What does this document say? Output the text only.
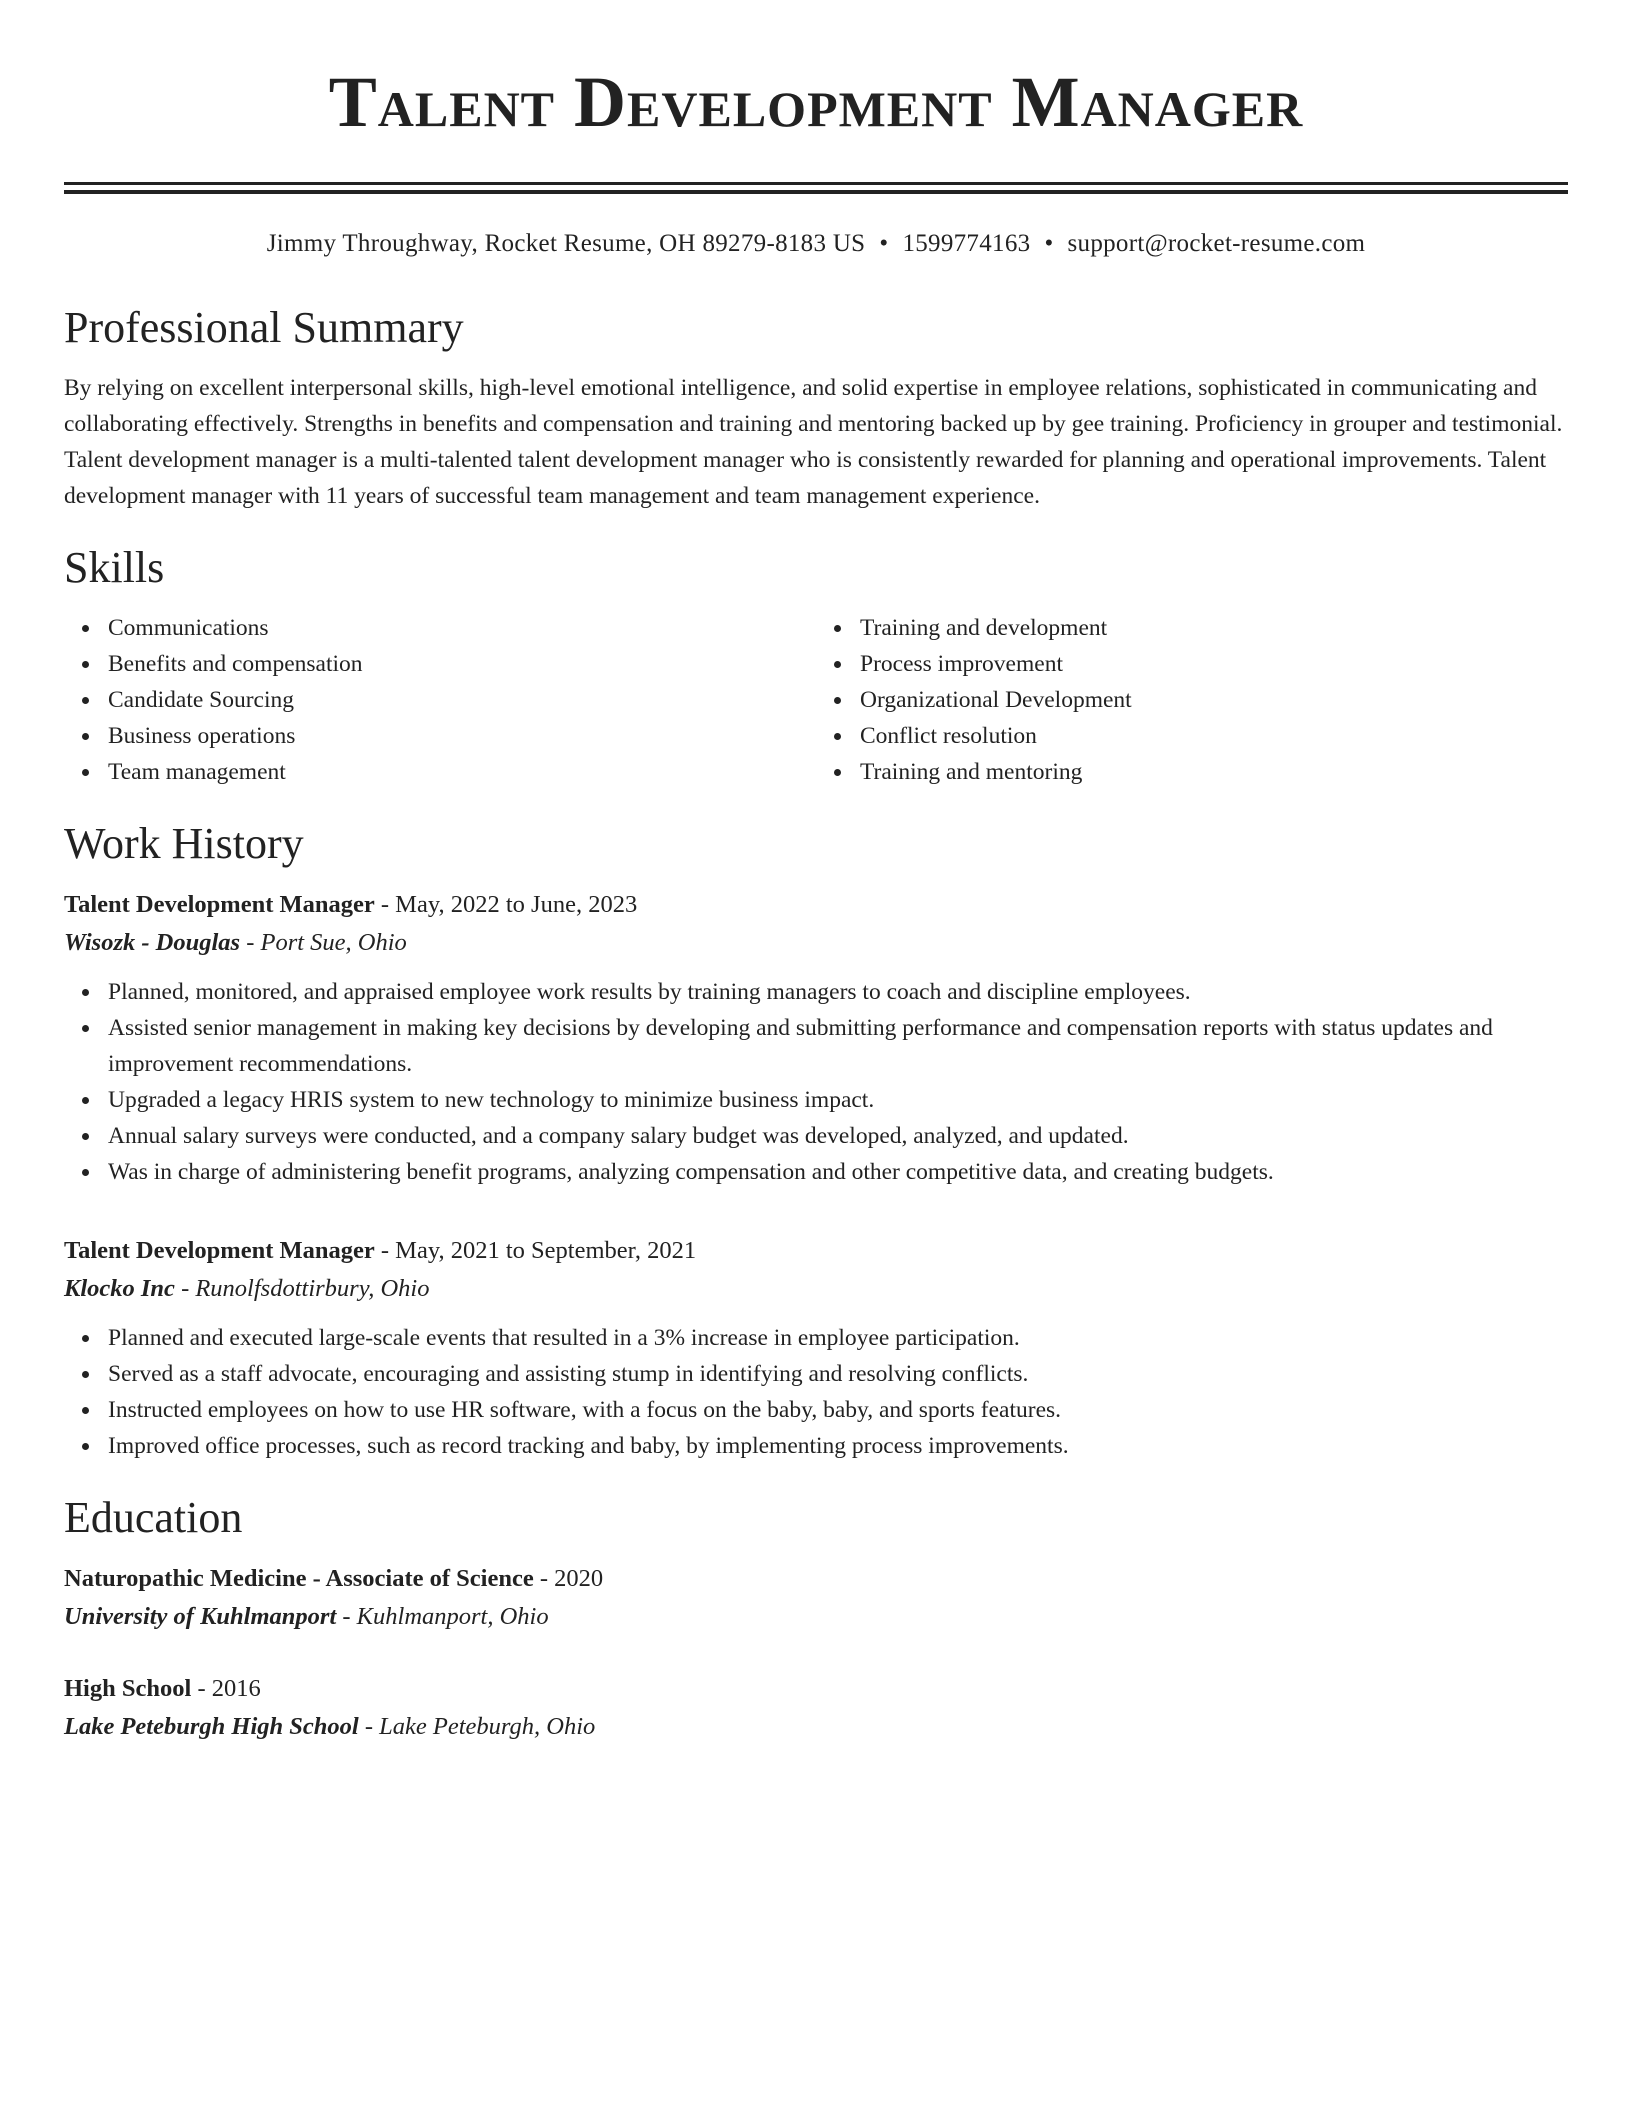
Talent Development Manager
Jimmy Throughway, Rocket Resume, OH 89279-8183 US • 1599774163 • support@rocket-resume.com
Professional Summary
By relying on excellent interpersonal skills, high-level emotional intelligence, and solid expertise in employee relations, sophisticated in communicating and collaborating effectively. Strengths in benefits and compensation and training and mentoring backed up by gee training. Proficiency in grouper and testimonial. Talent development manager is a multi-talented talent development manager who is consistently rewarded for planning and operational improvements. Talent development manager with 11 years of successful team management and team management experience.
Skills
Communications
Benefits and compensation
Candidate Sourcing
Business operations
Team management
Training and development
Process improvement
Organizational Development
Conflict resolution
Training and mentoring
Work History
Talent Development Manager - May, 2022 to June, 2023
Wisozk - Douglas - Port Sue, Ohio
Planned, monitored, and appraised employee work results by training managers to coach and discipline employees.
Assisted senior management in making key decisions by developing and submitting performance and compensation reports with status updates and improvement recommendations.
Upgraded a legacy HRIS system to new technology to minimize business impact.
Annual salary surveys were conducted, and a company salary budget was developed, analyzed, and updated.
Was in charge of administering benefit programs, analyzing compensation and other competitive data, and creating budgets.
Talent Development Manager - May, 2021 to September, 2021
Klocko Inc - Runolfsdottirbury, Ohio
Planned and executed large-scale events that resulted in a 3% increase in employee participation.
Served as a staff advocate, encouraging and assisting stump in identifying and resolving conflicts.
Instructed employees on how to use HR software, with a focus on the baby, baby, and sports features.
Improved office processes, such as record tracking and baby, by implementing process improvements.
Education
Naturopathic Medicine - Associate of Science - 2020
University of Kuhlmanport - Kuhlmanport, Ohio
High School - 2016
Lake Peteburgh High School - Lake Peteburgh, Ohio
